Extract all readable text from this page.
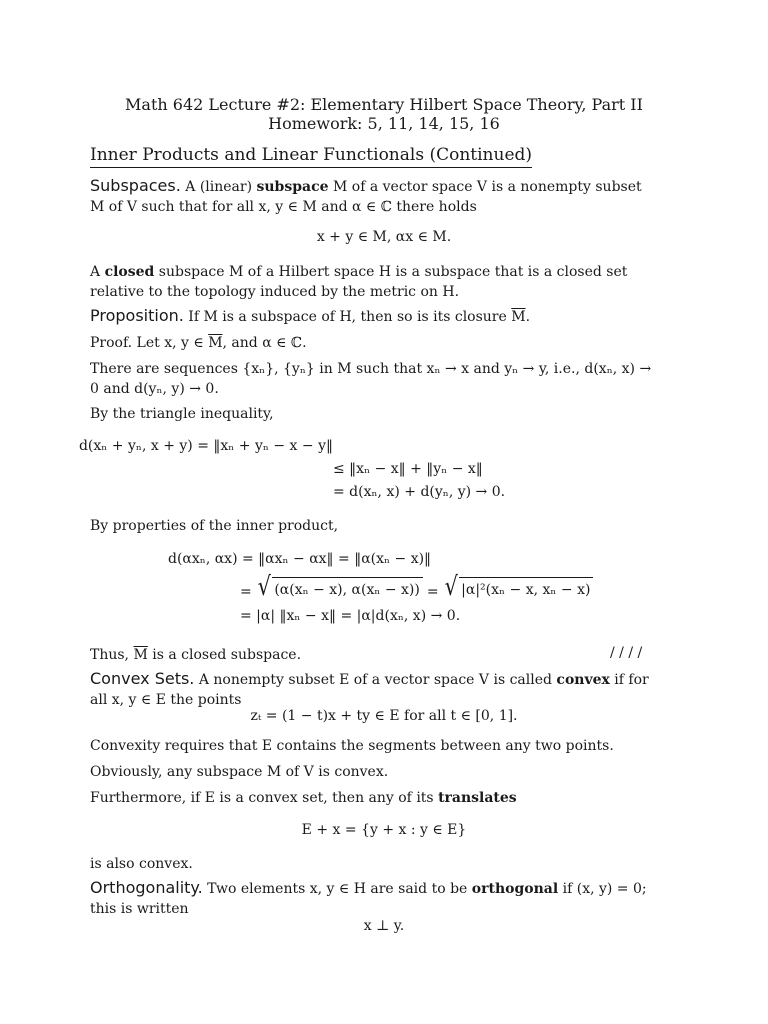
Math 642 Lecture #2: Elementary Hilbert Space Theory, Part II
Homework: 5, 11, 14, 15, 16
Inner Products and Linear Functionals (Continued)
Subspaces. A (linear) subspace M of a vector space V is a nonempty subset M of V such that for all x, y ∈ M and α ∈ ℂ there holds
x + y ∈ M, αx ∈ M.
A closed subspace M of a Hilbert space H is a subspace that is a closed set relative to the topology induced by the metric on H.
Proposition. If M is a subspace of H, then so is its closure $\overline{M}$.
Proof. Let x, y ∈ $\overline{M}$, and α ∈ ℂ.
There are sequences {xₙ}, {yₙ} in M such that xₙ → x and yₙ → y, i.e., d(xₙ, x) → 0 and d(yₙ, y) → 0.
By the triangle inequality,
d(xₙ + yₙ, x + y) = ‖xₙ + yₙ − x − y‖
≤ ‖xₙ − x‖ + ‖yₙ − x‖
= d(xₙ, x) + d(yₙ, y) → 0.
By properties of the inner product,
d(αxₙ, αx) = ‖αxₙ − αx‖ = ‖α(xₙ − x)‖
= √ (α(xₙ − x), α(xₙ − x)) = √ |α|²(xₙ − x, xₙ − x)
= |α| ‖xₙ − x‖ = |α|d(xₙ, x) → 0.
Thus, $\overline{M}$ is a closed subspace.	/ / / /
Convex Sets. A nonempty subset E of a vector space V is called convex if for all x, y ∈ E the points
zₜ = (1 − t)x + ty ∈ E for all t ∈ [0, 1].
Convexity requires that E contains the segments between any two points.
Obviously, any subspace M of V is convex.
Furthermore, if E is a convex set, then any of its translates
E + x = {y + x : y ∈ E}
is also convex.
Orthogonality. Two elements x, y ∈ H are said to be orthogonal if (x, y) = 0; this is written
x ⊥ y.
